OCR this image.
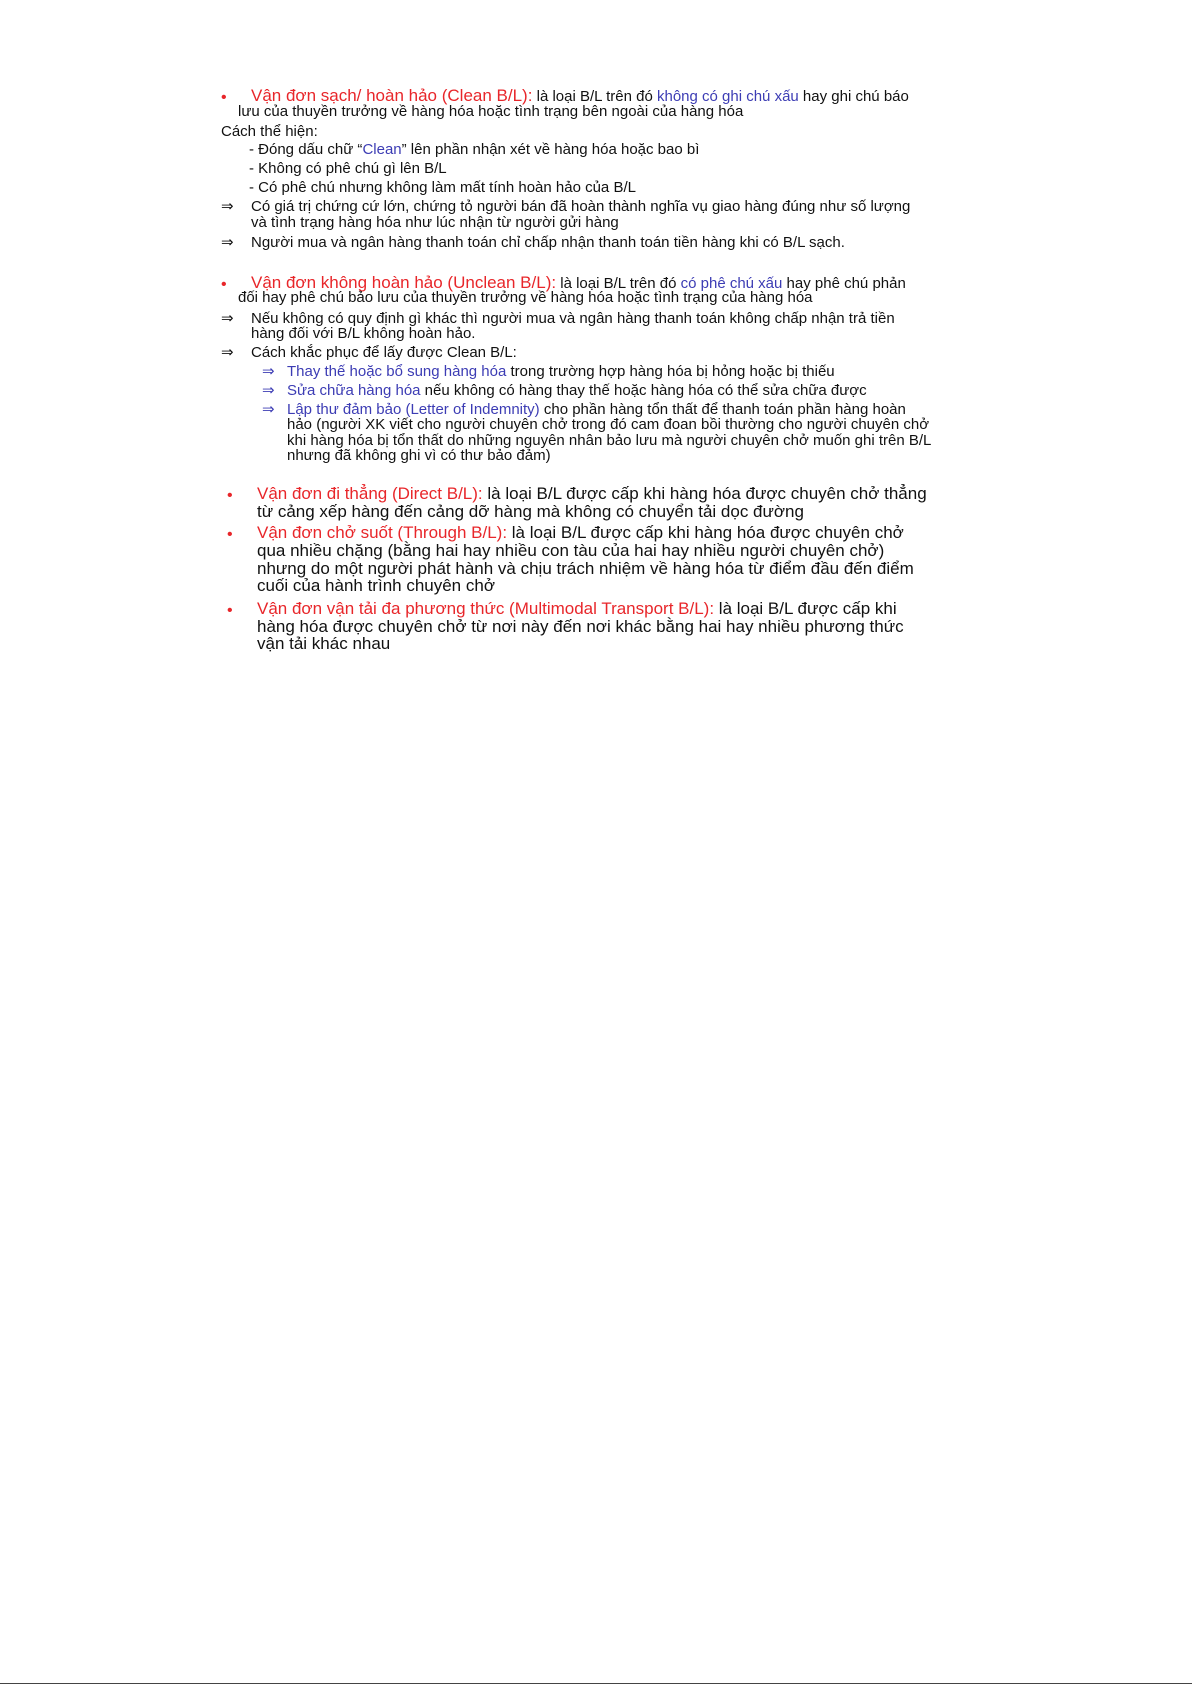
• Vận đơn sạch/ hoàn hảo (Clean B/L): là loại B/L trên đó không có ghi chú xấu hay ghi chú báo
lưu của thuyền trưởng về hàng hóa hoặc tình trạng bên ngoài của hàng hóa
Cách thể hiện:
- Đóng dấu chữ “Clean” lên phần nhận xét về hàng hóa hoặc bao bì
- Không có phê chú gì lên B/L
- Có phê chú nhưng không làm mất tính hoàn hảo của B/L
⇒ Có giá trị chứng cứ lớn, chứng tỏ người bán đã hoàn thành nghĩa vụ giao hàng đúng như số lượng
và tình trạng hàng hóa như lúc nhận từ người gửi hàng
⇒ Người mua và ngân hàng thanh toán chỉ chấp nhận thanh toán tiền hàng khi có B/L sạch.
• Vận đơn không hoàn hảo (Unclean B/L): là loại B/L trên đó có phê chú xấu hay phê chú phản
đối hay phê chú bảo lưu của thuyền trưởng về hàng hóa hoặc tình trạng của hàng hóa
⇒ Nếu không có quy định gì khác thì người mua và ngân hàng thanh toán không chấp nhận trả tiền
hàng đối với B/L không hoàn hảo.
⇒ Cách khắc phục để lấy được Clean B/L:
⇒ Thay thế hoặc bổ sung hàng hóa trong trường hợp hàng hóa bị hỏng hoặc bị thiếu
⇒ Sửa chữa hàng hóa nếu không có hàng thay thế hoặc hàng hóa có thể sửa chữa được
⇒ Lập thư đảm bảo (Letter of Indemnity) cho phần hàng tổn thất để thanh toán phần hàng hoàn
hảo (người XK viết cho người chuyên chở trong đó cam đoan bồi thường cho người chuyên chở
khi hàng hóa bị tổn thất do những nguyên nhân bảo lưu mà người chuyên chở muốn ghi trên B/L
nhưng đã không ghi vì có thư bảo đảm)
• Vận đơn đi thẳng (Direct B/L): là loại B/L được cấp khi hàng hóa được chuyên chở thẳng
từ cảng xếp hàng đến cảng dỡ hàng mà không có chuyển tải dọc đường
• Vận đơn chở suốt (Through B/L): là loại B/L được cấp khi hàng hóa được chuyên chở
qua nhiều chặng (bằng hai hay nhiều con tàu của hai hay nhiều người chuyên chở)
nhưng do một người phát hành và chịu trách nhiệm về hàng hóa từ điểm đầu đến điểm
cuối của hành trình chuyên chở
• Vận đơn vận tải đa phương thức (Multimodal Transport B/L): là loại B/L được cấp khi
hàng hóa được chuyên chở từ nơi này đến nơi khác bằng hai hay nhiều phương thức
vận tải khác nhau
